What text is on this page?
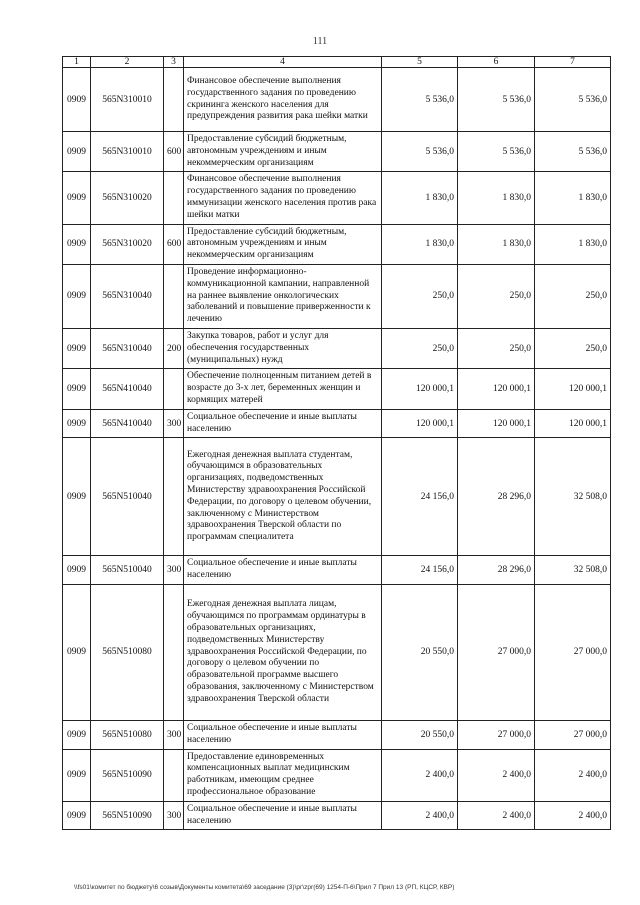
111
1	2	3	4	5	6	7
0909	565N310010		Финансовое обеспечение выполнения государственного задания по проведению скрининга женского населения для предупреждения развития рака шейки матки	5 536,0	5 536,0	5 536,0
0909	565N310010	600	Предоставление субсидий бюджетным, автономным учреждениям и иным некоммерческим организациям	5 536,0	5 536,0	5 536,0
0909	565N310020		Финансовое обеспечение выполнения государственного задания по проведению иммунизации женского населения против рака шейки матки	1 830,0	1 830,0	1 830,0
0909	565N310020	600	Предоставление субсидий бюджетным, автономным учреждениям и иным некоммерческим организациям	1 830,0	1 830,0	1 830,0
0909	565N310040		Проведение информационно-коммуникационной кампании, направленной на раннее выявление онкологических заболеваний и повышение приверженности к лечению	250,0	250,0	250,0
0909	565N310040	200	Закупка товаров, работ и услуг для обеспечения государственных (муниципальных) нужд	250,0	250,0	250,0
0909	565N410040		Обеспечение полноценным питанием детей в возрасте до 3-х лет, беременных женщин и кормящих матерей	120 000,1	120 000,1	120 000,1
0909	565N410040	300	Социальное обеспечение и иные выплаты населению	120 000,1	120 000,1	120 000,1
0909	565N510040		Ежегодная денежная выплата студентам, обучающимся в образовательных организациях, подведомственных Министерству здравоохранения Российской Федерации, по договору о целевом обучении, заключенному с Министерством здравоохранения Тверской области по программам специалитета	24 156,0	28 296,0	32 508,0
0909	565N510040	300	Социальное обеспечение и иные выплаты населению	24 156,0	28 296,0	32 508,0
0909	565N510080		Ежегодная денежная выплата лицам, обучающимся по программам ординатуры в образовательных организациях, подведомственных Министерству здравоохранения Российской Федерации, по договору о целевом обучении по образовательной программе высшего образования, заключенному с Министерством здравоохранения Тверской области	20 550,0	27 000,0	27 000,0
0909	565N510080	300	Социальное обеспечение и иные выплаты населению	20 550,0	27 000,0	27 000,0
0909	565N510090		Предоставление единовременных компенсационных выплат медицинским работникам, имеющим среднее профессиональное образование	2 400,0	2 400,0	2 400,0
0909	565N510090	300	Социальное обеспечение и иные выплаты населению	2 400,0	2 400,0	2 400,0
\\fs01\комитет по бюджету\6 созыв\Документы комитета\69 заседание (3)\рг\zpr(69) 1254-П-6\Прил 7 Прил 13 (РП, КЦСР, КВР)
